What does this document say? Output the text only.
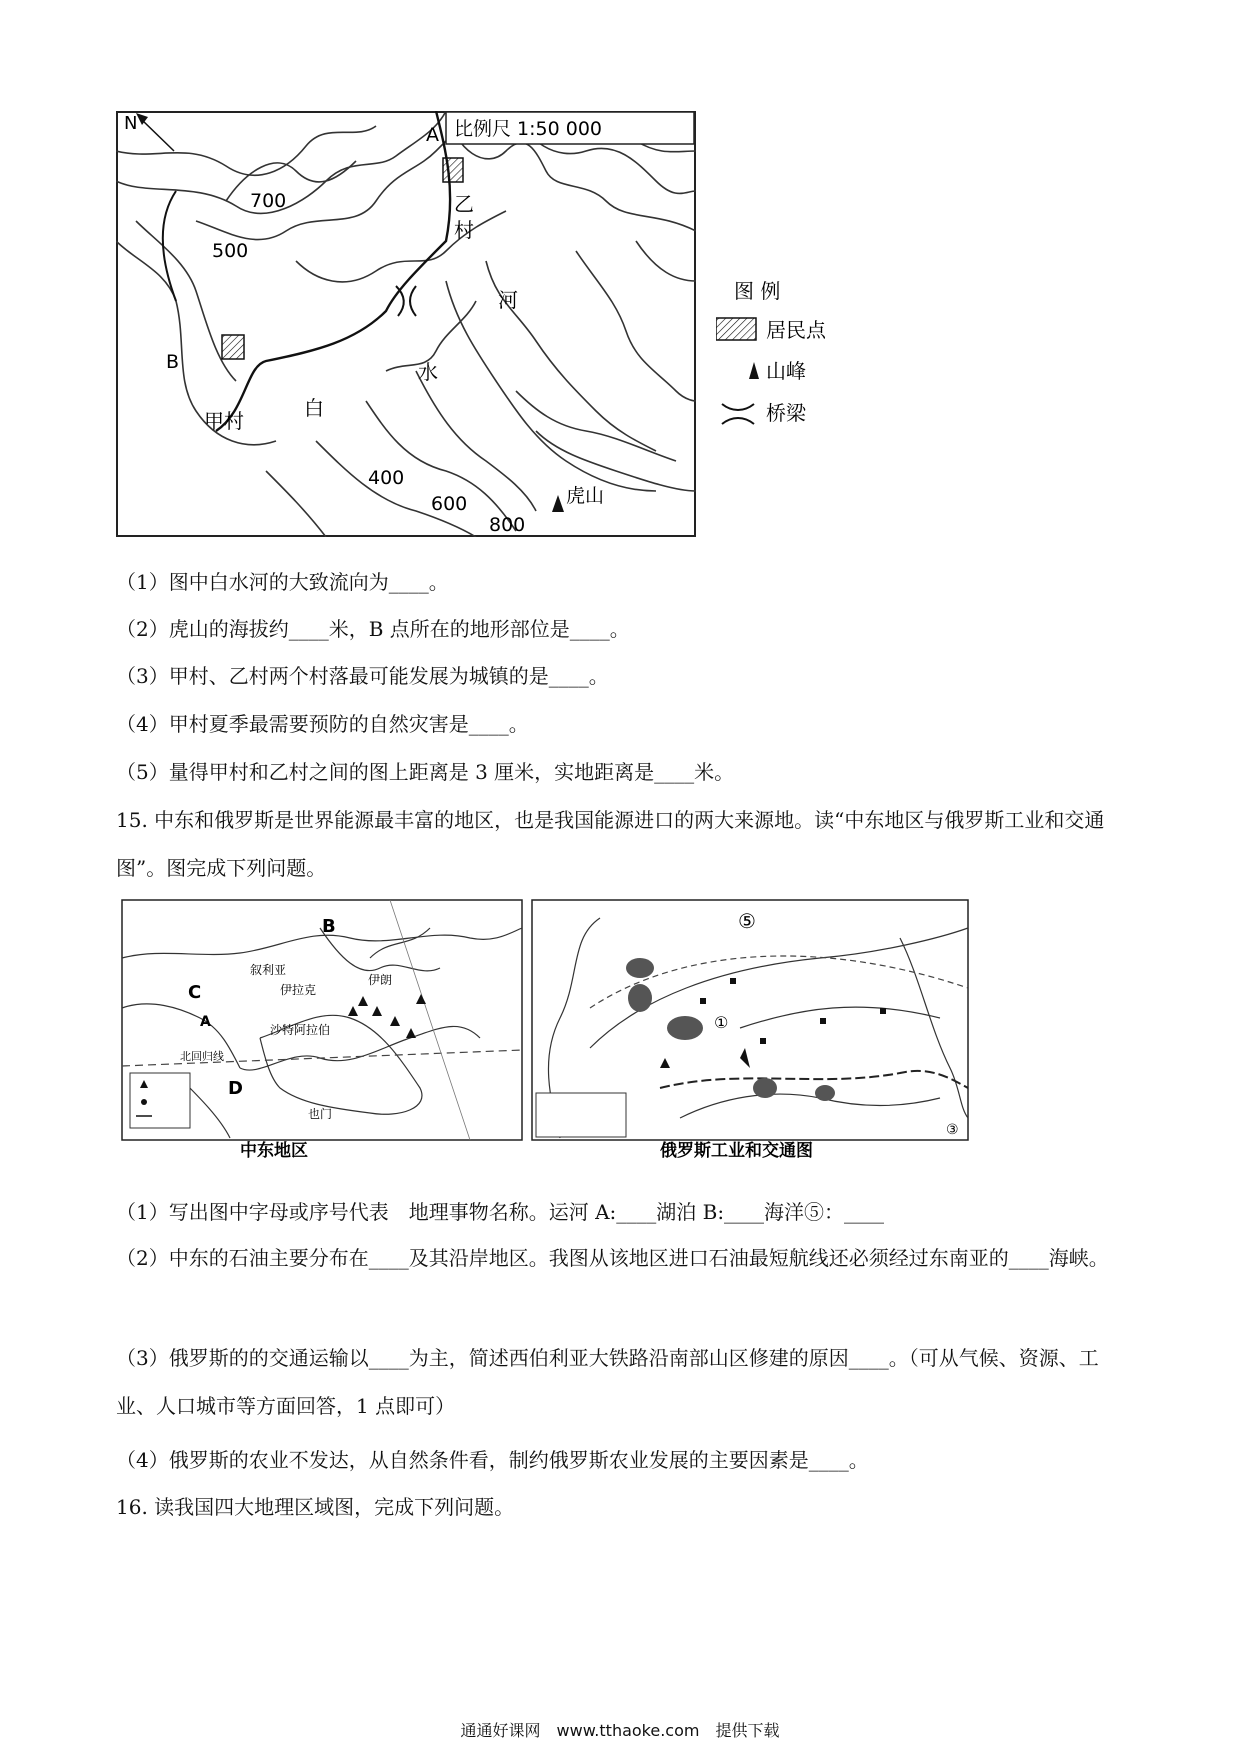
N	比例尺 1:50 000
A
B
乙
村
甲村
河
水
白
虎山
700
500
400
600
800
图 例
居民点
山峰
桥梁
（1）图中白水河的大致流向为____。
（2）虎山的海拔约____米，B 点所在的地形部位是____。
（3）甲村、乙村两个村落最可能发展为城镇的是____。
（4）甲村夏季最需要预防的自然灾害是____。
（5）量得甲村和乙村之间的图上距离是 3 厘米，实地距离是____米。
15. 中东和俄罗斯是世界能源最丰富的地区，也是我国能源进口的两大来源地。读“中东地区与俄罗斯工业和交通图”。图完成下列问题。
C
A
B
D
叙利亚
伊拉克
伊朗
沙特阿拉伯
也门
北回归线
中东地区
⑤
①
③
俄罗斯工业和交通图
（1）写出图中字母或序号代表　地理事物名称。运河 A:____湖泊 B:____海洋⑤：____
（2）中东的石油主要分布在____及其沿岸地区。我图从该地区进口石油最短航线还必须经过东南亚的____海峡。
（3）俄罗斯的的交通运输以____为主，简述西伯利亚大铁路沿南部山区修建的原因____。（可从气候、资源、工业、人口城市等方面回答，1 点即可）
（4）俄罗斯的农业不发达，从自然条件看，制约俄罗斯农业发展的主要因素是____。
16. 读我国四大地理区域图，完成下列问题。
通通好课网　www.tthaoke.com　提供下载
